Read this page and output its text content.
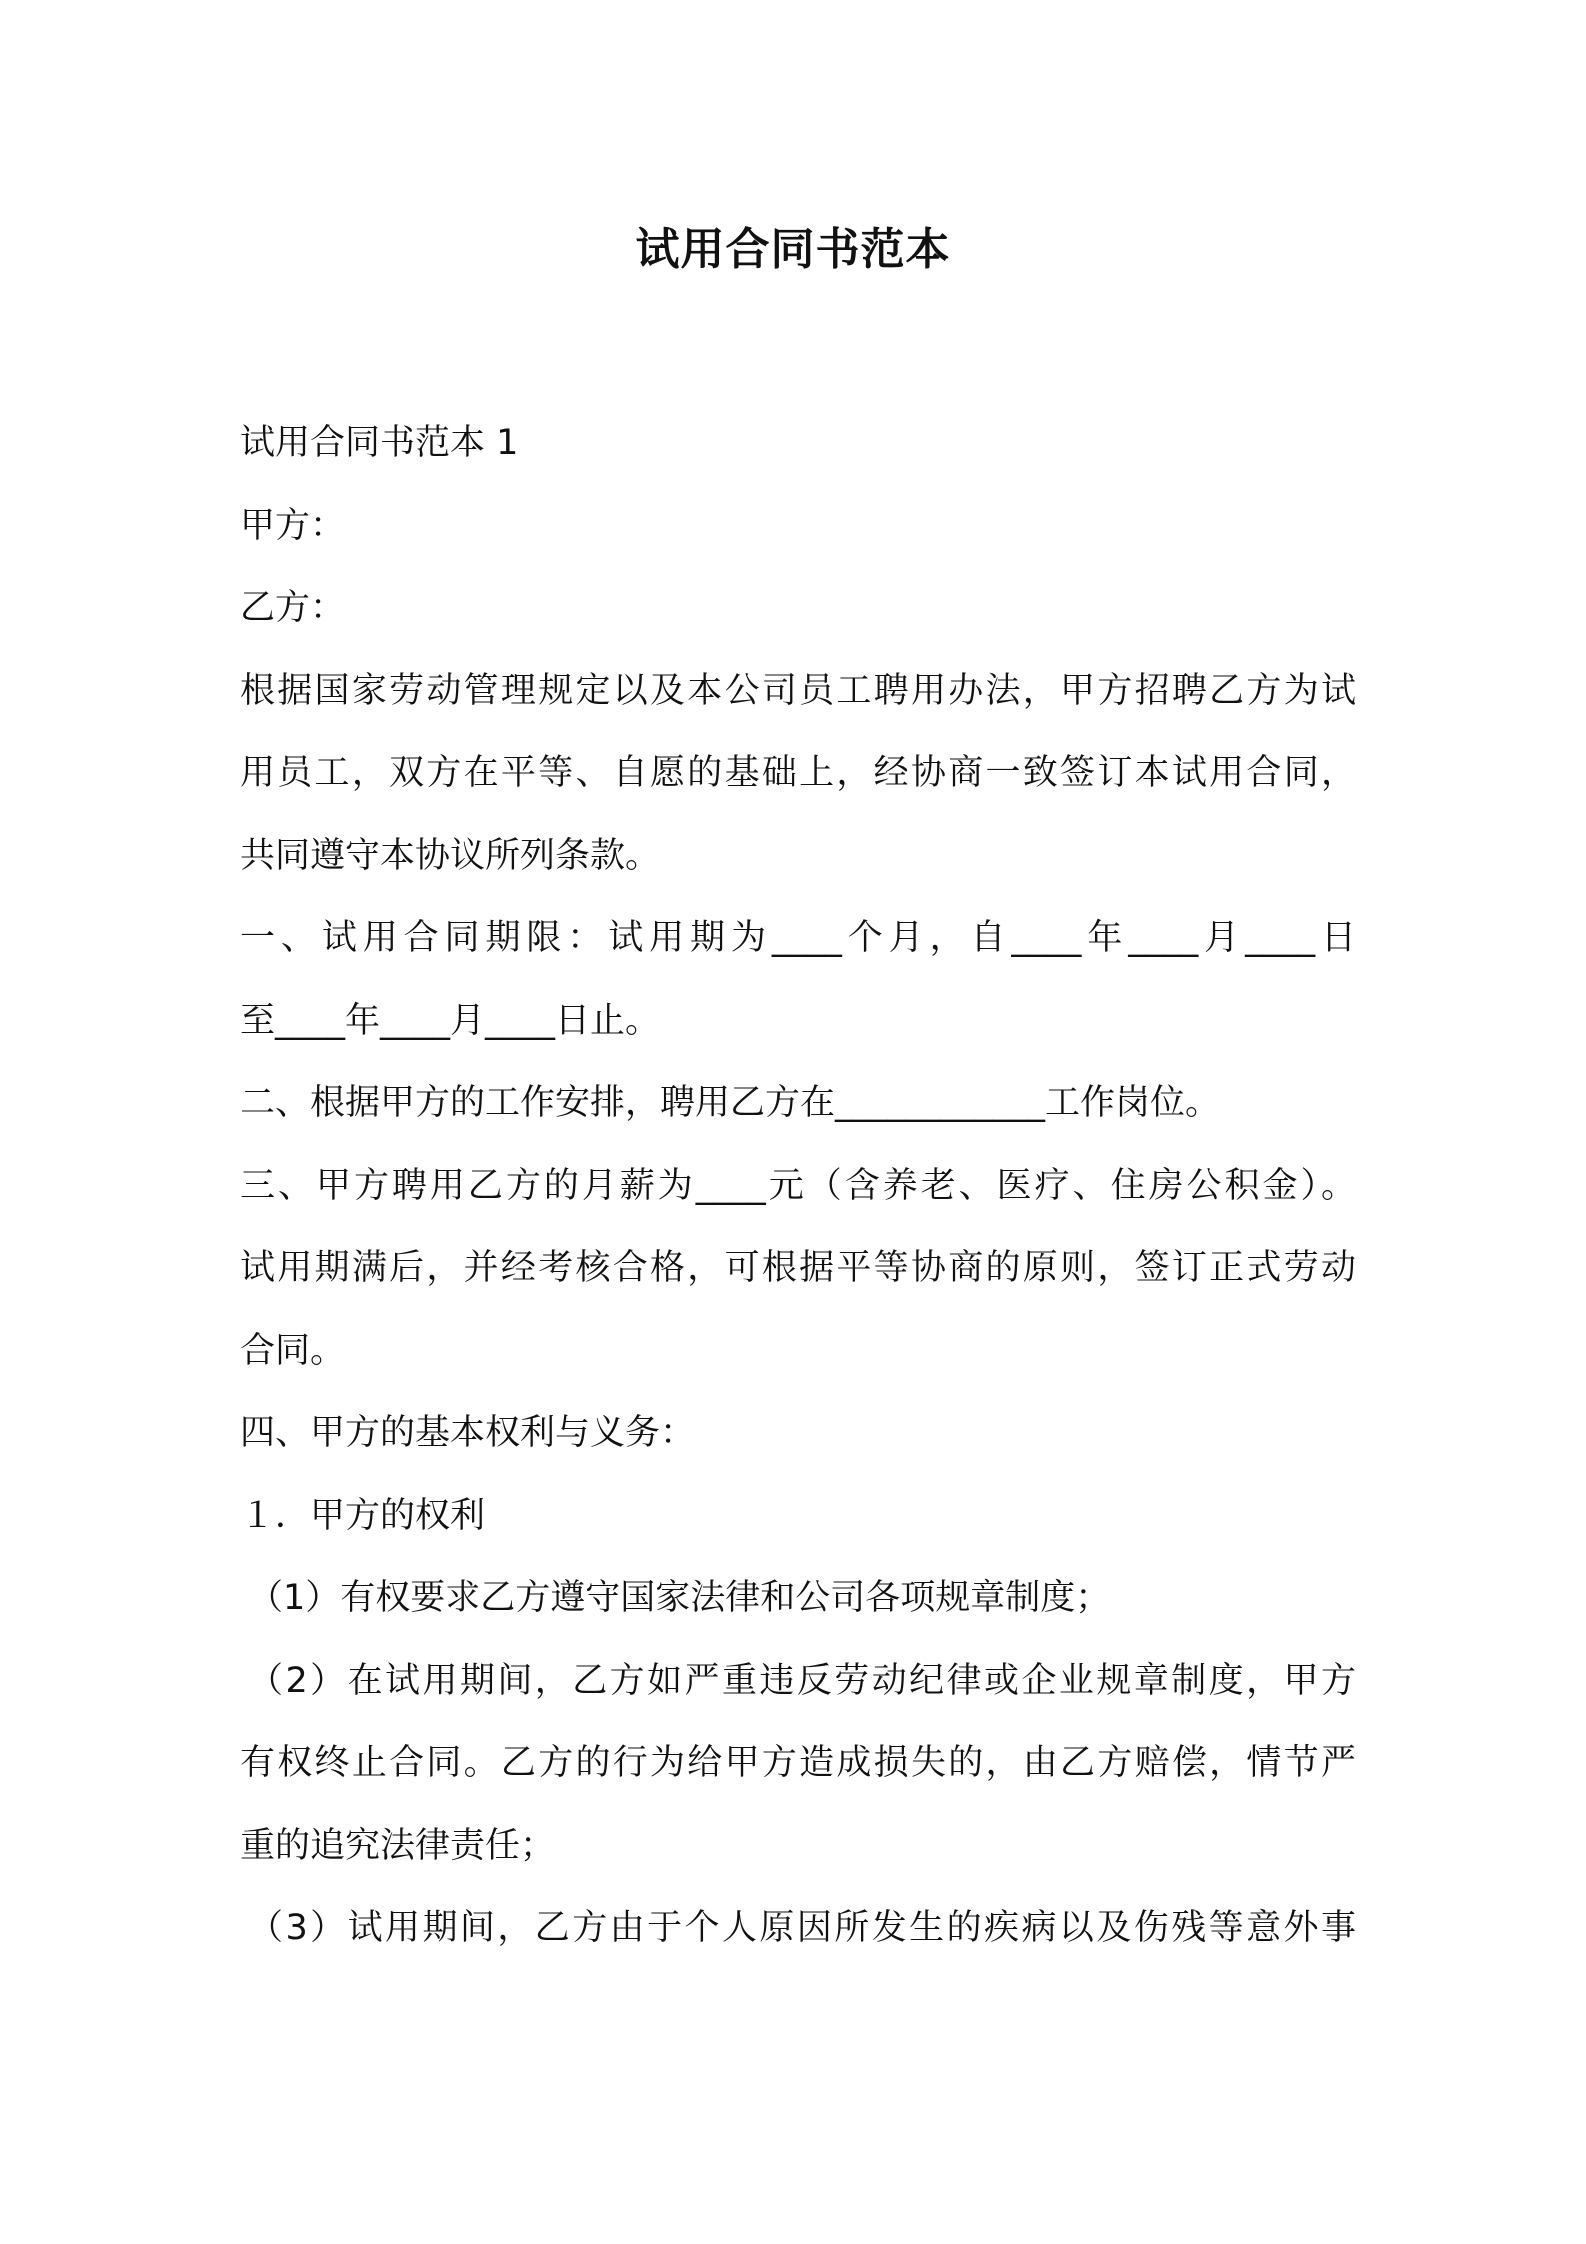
试用合同书范本
试用合同书范本 1
甲方：
乙方：
根据国家劳动管理规定以及本公司员工聘用办法，甲方招聘乙方为试
用员工，双方在平等、自愿的基础上，经协商一致签订本试用合同，
共同遵守本协议所列条款。
一、试用合同期限：试用期为____个月，自____年____月____日
至____年____月____日止。
二、根据甲方的工作安排，聘用乙方在____________工作岗位。
三、甲方聘用乙方的月薪为____元（含养老、医疗、住房公积金）。
试用期满后，并经考核合格，可根据平等协商的原则，签订正式劳动
合同。
四、甲方的基本权利与义务：
１．甲方的权利
（1）有权要求乙方遵守国家法律和公司各项规章制度；
（2）在试用期间，乙方如严重违反劳动纪律或企业规章制度，甲方
有权终止合同。乙方的行为给甲方造成损失的，由乙方赔偿，情节严
重的追究法律责任；
（3）试用期间，乙方由于个人原因所发生的疾病以及伤残等意外事
